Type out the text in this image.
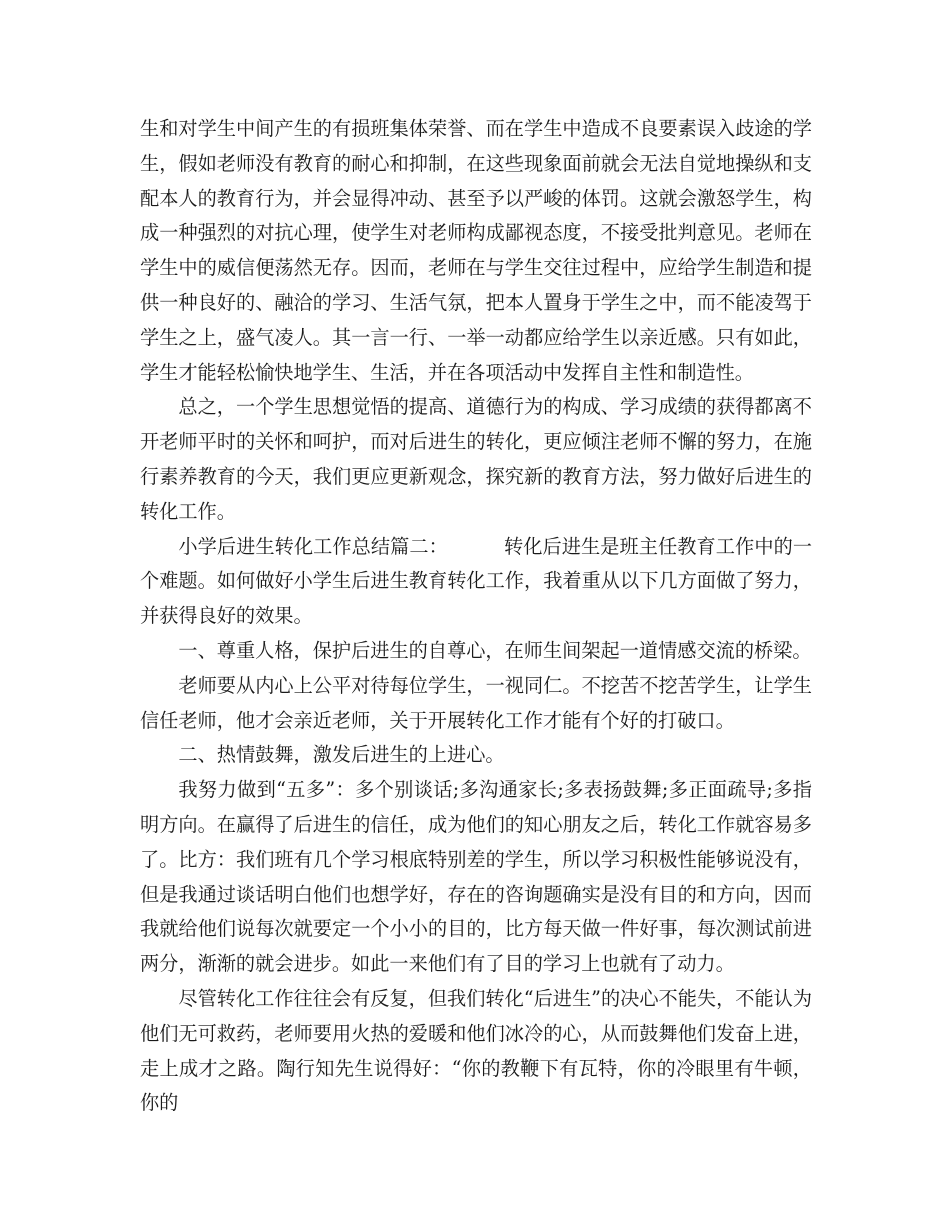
生和对学生中间产生的有损班集体荣誉、而在学生中造成不良要素误入歧途的学生，假如老师没有教育的耐心和抑制，在这些现象面前就会无法自觉地操纵和支配本人的教育行为，并会显得冲动、甚至予以严峻的体罚。这就会激怒学生，构成一种强烈的对抗心理，使学生对老师构成鄙视态度，不接受批判意见。老师在学生中的威信便荡然无存。因而，老师在与学生交往过程中，应给学生制造和提供一种良好的、融洽的学习、生活气氛，把本人置身于学生之中，而不能凌驾于学生之上，盛气凌人。其一言一行、一举一动都应给学生以亲近感。只有如此，学生才能轻松愉快地学生、生活，并在各项活动中发挥自主性和制造性。

总之，一个学生思想觉悟的提高、道德行为的构成、学习成绩的获得都离不开老师平时的关怀和呵护，而对后进生的转化，更应倾注老师不懈的努力，在施行素养教育的今天，我们更应更新观念，探究新的教育方法，努力做好后进生的转化工作。

小学后进生转化工作总结篇二：	转化后进生是班主任教育工作中的一个难题。如何做好小学生后进生教育转化工作，我着重从以下几方面做了努力，并获得良好的效果。

一、尊重人格，保护后进生的自尊心，在师生间架起一道情感交流的桥梁。

老师要从内心上公平对待每位学生，一视同仁。不挖苦不挖苦学生，让学生信任老师，他才会亲近老师，关于开展转化工作才能有个好的打破口。

二、热情鼓舞，激发后进生的上进心。

我努力做到“五多”：多个别谈话;多沟通家长;多表扬鼓舞;多正面疏导;多指明方向。在赢得了后进生的信任，成为他们的知心朋友之后，转化工作就容易多了。比方：我们班有几个学习根底特别差的学生，所以学习积极性能够说没有，但是我通过谈话明白他们也想学好，存在的咨询题确实是没有目的和方向，因而我就给他们说每次就要定一个小小的目的，比方每天做一件好事，每次测试前进两分，渐渐的就会进步。如此一来他们有了目的学习上也就有了动力。

尽管转化工作往往会有反复，但我们转化“后进生”的决心不能失，不能认为他们无可救药，老师要用火热的爱暖和他们冰冷的心，从而鼓舞他们发奋上进，走上成才之路。陶行知先生说得好：“你的教鞭下有瓦特，你的冷眼里有牛顿，你的
